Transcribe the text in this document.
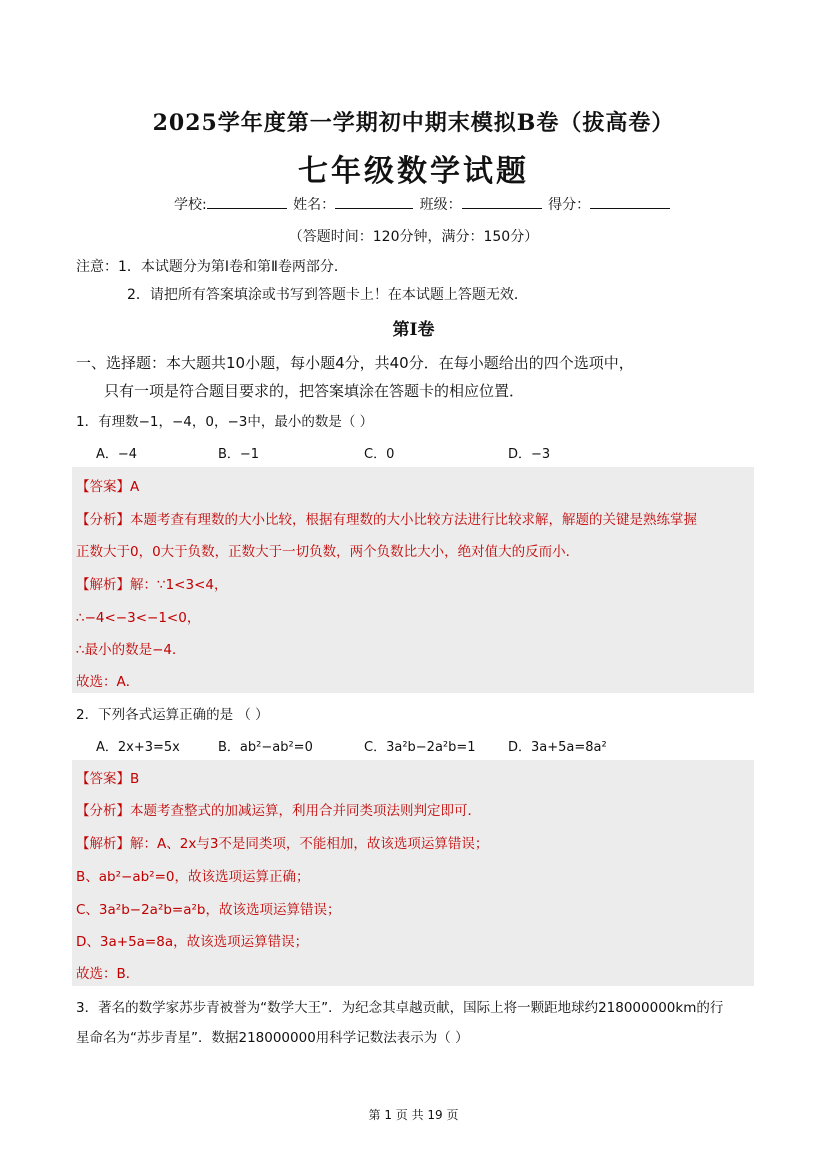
2025学年度第一学期初中期末模拟B卷（拔高卷）
七年级数学试题
学校:	姓名：	班级：	得分：
（答题时间：120分钟，满分：150分）
注意：1．本试题分为第Ⅰ卷和第Ⅱ卷两部分．
2．请把所有答案填涂或书写到答题卡上！在本试题上答题无效．
第Ⅰ卷
一、选择题：本大题共10小题，每小题4分，共40分．在每小题给出的四个选项中，
只有一项是符合题目要求的，把答案填涂在答题卡的相应位置．
1．有理数−1，−4，0，−3中，最小的数是（ ）
A．−4	B．−1	C．0	D．−3
【答案】A
【分析】本题考查有理数的大小比较，根据有理数的大小比较方法进行比较求解，解题的关键是熟练掌握
正数大于0，0大于负数，正数大于一切负数，两个负数比大小，绝对值大的反而小．
【解析】解：∵1<3<4，
∴−4<−3<−1<0，
∴最小的数是−4．
故选：A．
2．下列各式运算正确的是 （ ）
A．2x+3=5x	B．ab²−ab²=0	C．3a²b−2a²b=1 D．3a+5a=8a²
【答案】B
【分析】本题考查整式的加减运算，利用合并同类项法则判定即可．
【解析】解：A、2x与3不是同类项，不能相加，故该选项运算错误；
B、ab²−ab²=0，故该选项运算正确；
C、3a²b−2a²b=a²b，故该选项运算错误；
D、3a+5a=8a，故该选项运算错误；
故选：B．
3．著名的数学家苏步青被誉为“数学大王”．为纪念其卓越贡献，国际上将一颗距地球约218000000km的行
星命名为“苏步青星”．数据218000000用科学记数法表示为（ ）
第 1 页 共 19 页
